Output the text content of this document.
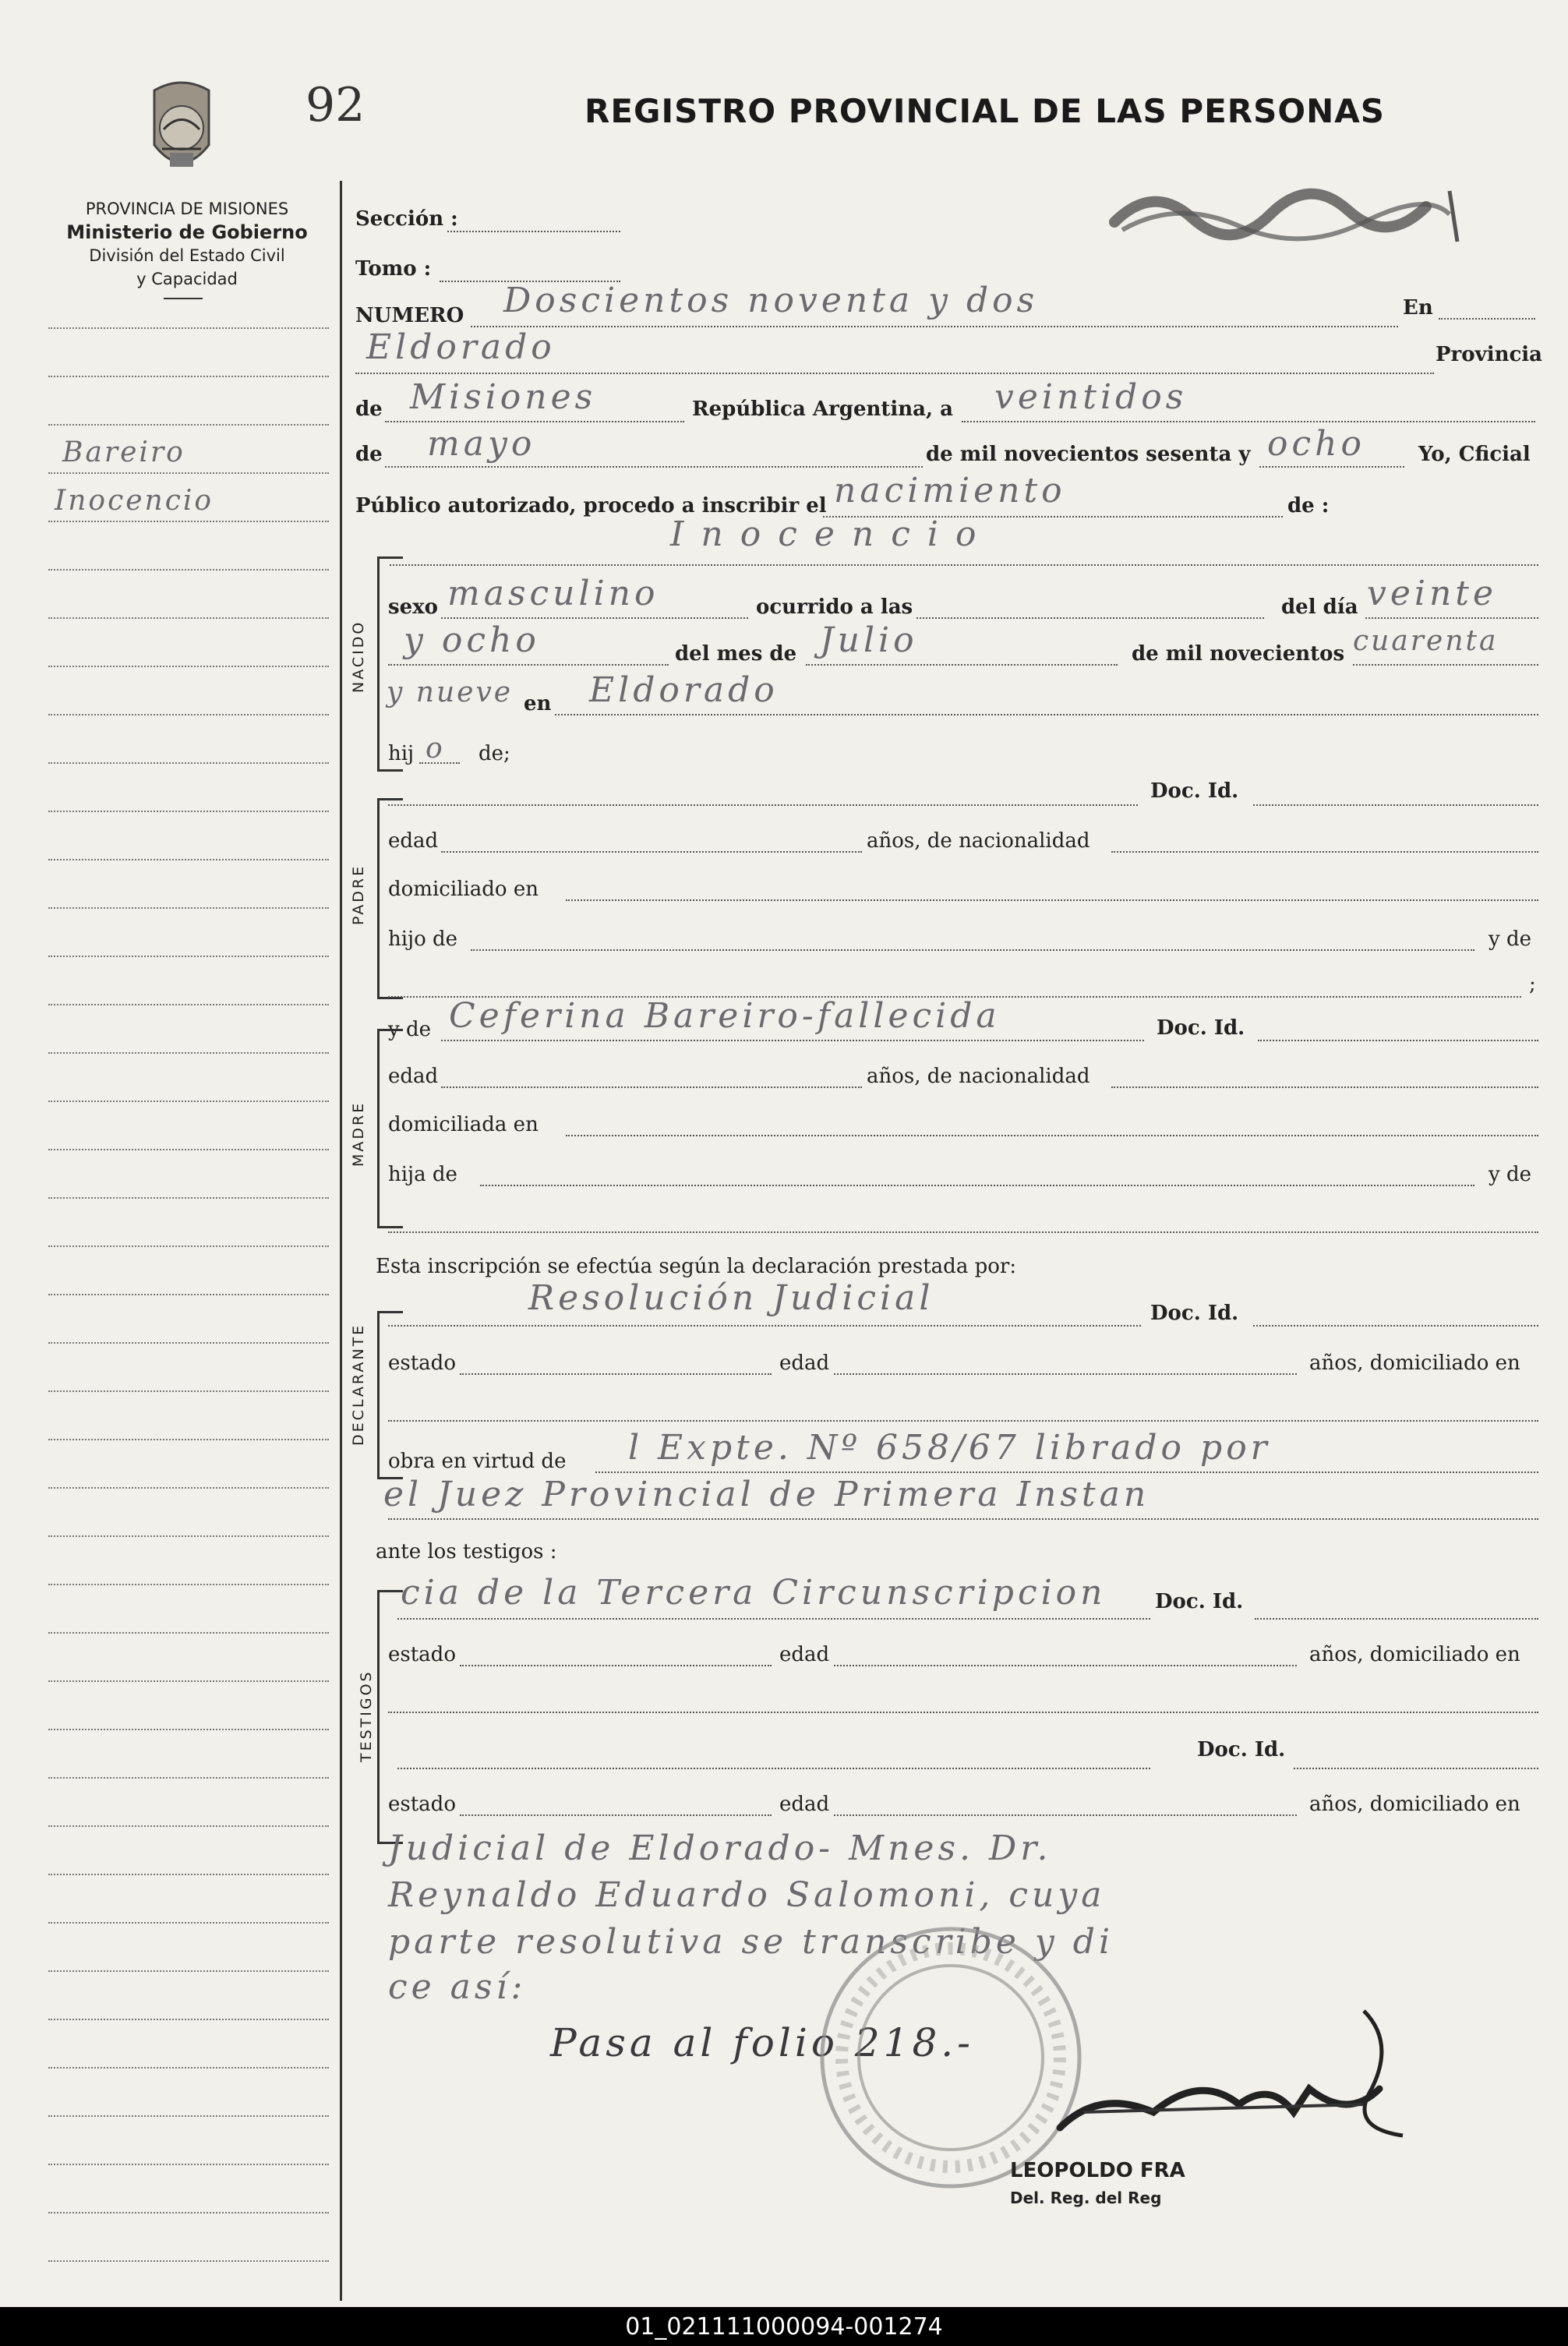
92	REGISTRO PROVINCIAL DE LAS PERSONAS
PROVINCIA DE MISIONES
Ministerio de Gobierno
División del Estado Civil
y Capacidad
Bareiro
Inocencio
Sección :
Tomo :
NUMERO Doscientos noventa y dos	En
Eldorado	Provincia
de Misiones	República Argentina, a veintidos
de mayo	de mil novecientos sesenta y ocho	Yo, Cficial
Público autorizado, procedo a inscribir el nacimiento	de :
Inocencio
NACIDO
sexo masculino	ocurrido a las	del día veinte
y ocho	del mes de Julio	de mil novecientos cuarenta
y nueve en Eldorado
hij o de;
Doc. Id.
PADRE
edad	años, de nacionalidad
domiciliado en
hijo de	y de
;
y de Ceferina Bareiro-fallecida	Doc. Id.
MADRE
edad	años, de nacionalidad
domiciliada en
hija de	y de
Esta inscripción se efectúa según la declaración prestada por:
Resolución Judicial	Doc. Id.
DECLARANTE estado	edad	años, domiciliado en
obra en virtud de l Expte. Nº 658/67 librado por
el Juez Provincial de Primera Instan
ante los testigos :
cia de la Tercera Circunscripcion Doc. Id.
TESTIGOS
estado	edad	años, domiciliado en
Doc. Id.
estado	edad	años, domiciliado en
Judicial de Eldorado- Mnes. Dr.
Reynaldo Eduardo Salomoni, cuya
parte resolutiva se transcribe y di
ce así:
Pasa al folio 218.-
LEOPOLDO FRA
Del. Reg. del Reg
01_021111000094-001274
